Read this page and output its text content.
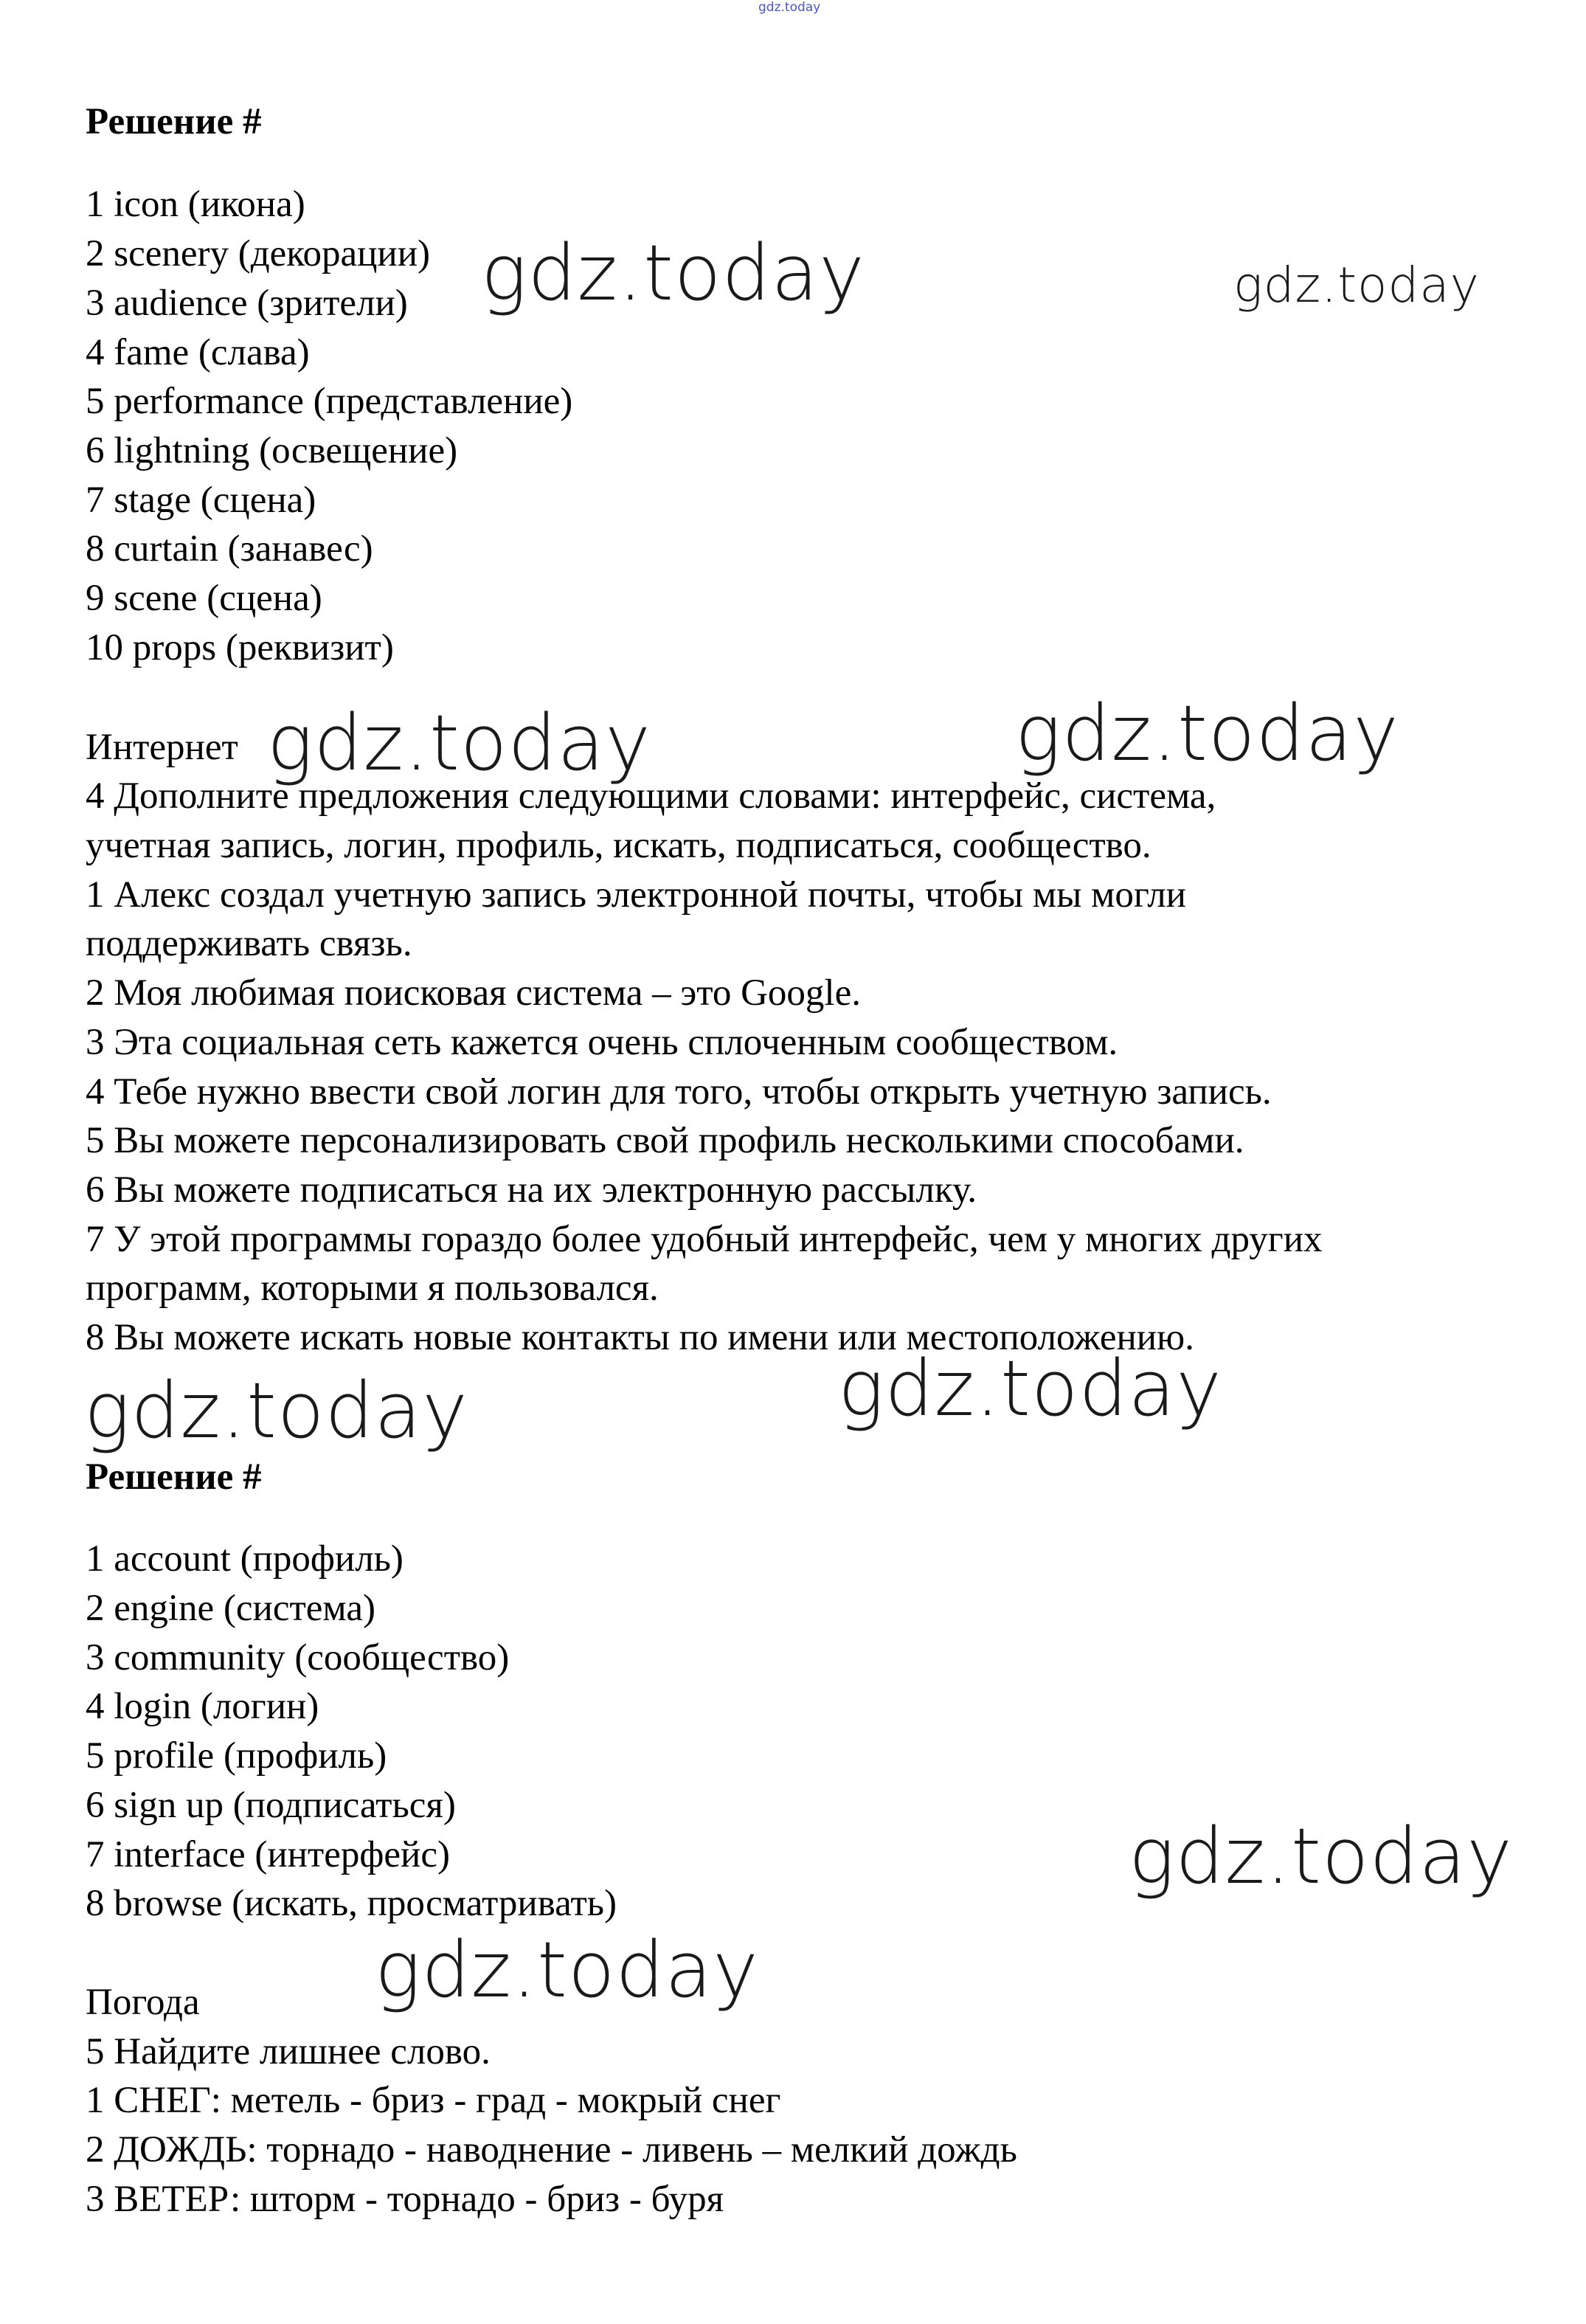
gdz.today
Решение #
1 icon (икона)
2 scenery (декорации)
3 audience (зрители)
4 fame (слава)
5 performance (представление)
6 lightning (освещение)
7 stage (сцена)
8 curtain (занавес)
9 scene (сцена)
10 props (реквизит)
Интернет
4 Дополните предложения следующими словами: интерфейс, система,
учетная запись, логин, профиль, искать, подписаться, сообщество.
1 Алекс создал учетную запись электронной почты, чтобы мы могли
поддерживать связь.
2 Моя любимая поисковая система – это Google.
3 Эта социальная сеть кажется очень сплоченным сообществом.
4 Тебе нужно ввести свой логин для того, чтобы открыть учетную запись.
5 Вы можете персонализировать свой профиль несколькими способами.
6 Вы можете подписаться на их электронную рассылку.
7 У этой программы гораздо более удобный интерфейс, чем у многих других
программ, которыми я пользовался.
8 Вы можете искать новые контакты по имени или местоположению.
Решение #
1 account (профиль)
2 engine (система)
3 community (сообщество)
4 login (логин)
5 profile (профиль)
6 sign up (подписаться)
7 interface (интерфейс)
8 browse (искать, просматривать)
Погода
5 Найдите лишнее слово.
1 СНЕГ: метель - бриз - град - мокрый снег
2 ДОЖДЬ: торнадо - наводнение - ливень – мелкий дождь
3 ВЕТЕР: шторм - торнадо - бриз - буря
gdz.today	gdz.today
gdz.today	gdz.today
gdz.today	gdz.today
gdz.today
gdz.today
